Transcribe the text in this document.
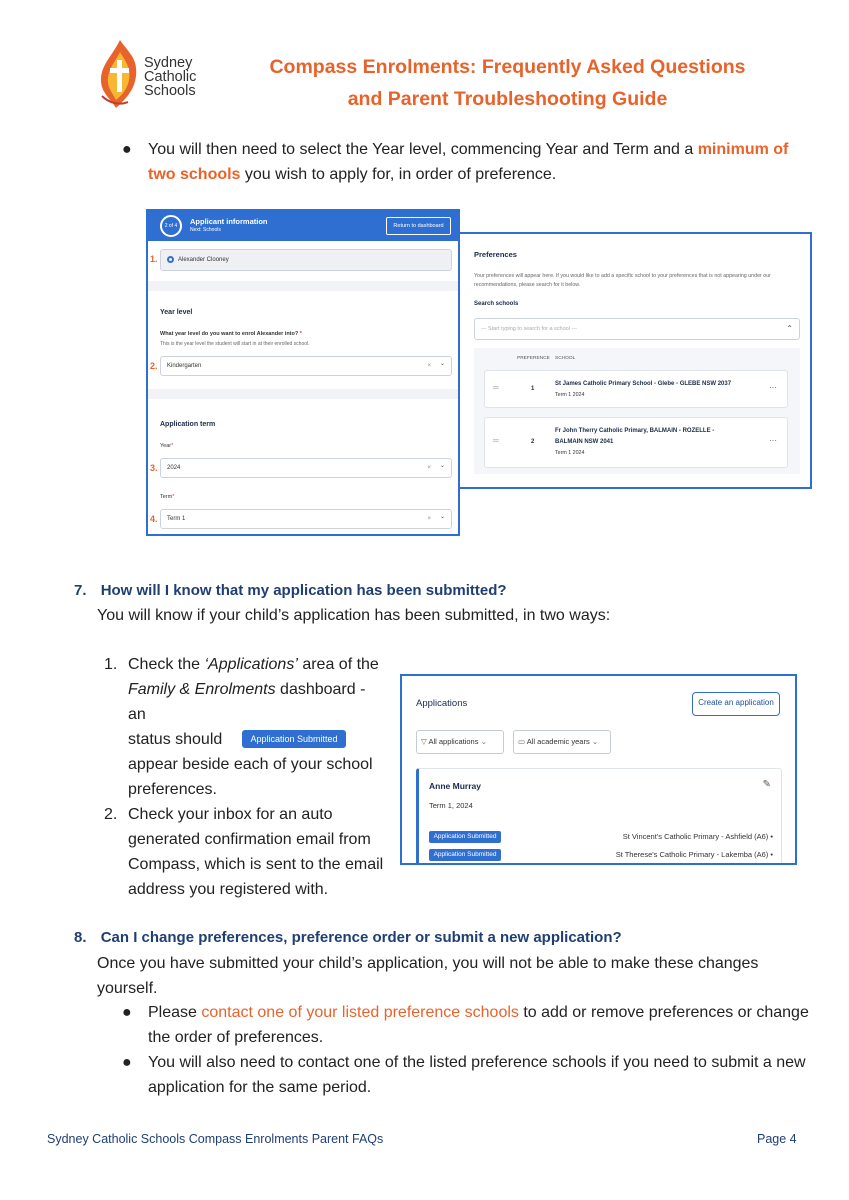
Sydney
Catholic
Schools
Compass Enrolments: Frequently Asked Questions
and Parent Troubleshooting Guide
● You will then need to select the Year level, commencing Year and Term and a minimum of
two schools you wish to apply for, in order of preference.
2 of 4	Applicant information
Next: Schools
Return to dashboard
1.	Alexander Clooney
Year level
What year level do you want to enrol Alexander into? *
This is the year level the student will start in at their enrolled school.
2.	Kindergarten	× ⌄
Application term
Year*
3.	2024	× ⌄
Term*
4.	Term 1	× ⌄
Preferences
Your preferences will appear here. If you would like to add a specific school to your preferences that is not appearing under our recommendations, please search for it below.
Search schools
--- Start typing to search for a school ---	⌃
PREFERENCE SCHOOL
═	1
St James Catholic Primary School - Glebe - GLEBE NSW 2037
Term 1 2024
⋯
═	2
Fr John Therry Catholic Primary, BALMAIN - ROZELLE -
BALMAIN NSW 2041
Term 1 2024
⋯
7. How will I know that my application has been submitted?
You will know if your child’s application has been submitted, in two ways:
1. Check the ‘Applications’ area of the
Family & Enrolments dashboard - an
status should	Application Submitted
appear beside each of your school
preferences.
2. Check your inbox for an auto
generated confirmation email from
Compass, which is sent to the email
address you registered with.
Applications	Create an application
▽ All applications ⌄	▭ All academic years ⌄
Anne Murray	✎
Term 1, 2024
Application Submitted	St Vincent's Catholic Primary - Ashfield (A6) •
Application Submitted	St Therese's Catholic Primary - Lakemba (A6) •
8. Can I change preferences, preference order or submit a new application?
Once you have submitted your child’s application, you will not be able to make these changes
yourself.
● Please contact one of your listed preference schools to add or remove preferences or change
the order of preferences.
● You will also need to contact one of the listed preference schools if you need to submit a new
application for the same period.
Sydney Catholic Schools Compass Enrolments Parent FAQs	Page 4
